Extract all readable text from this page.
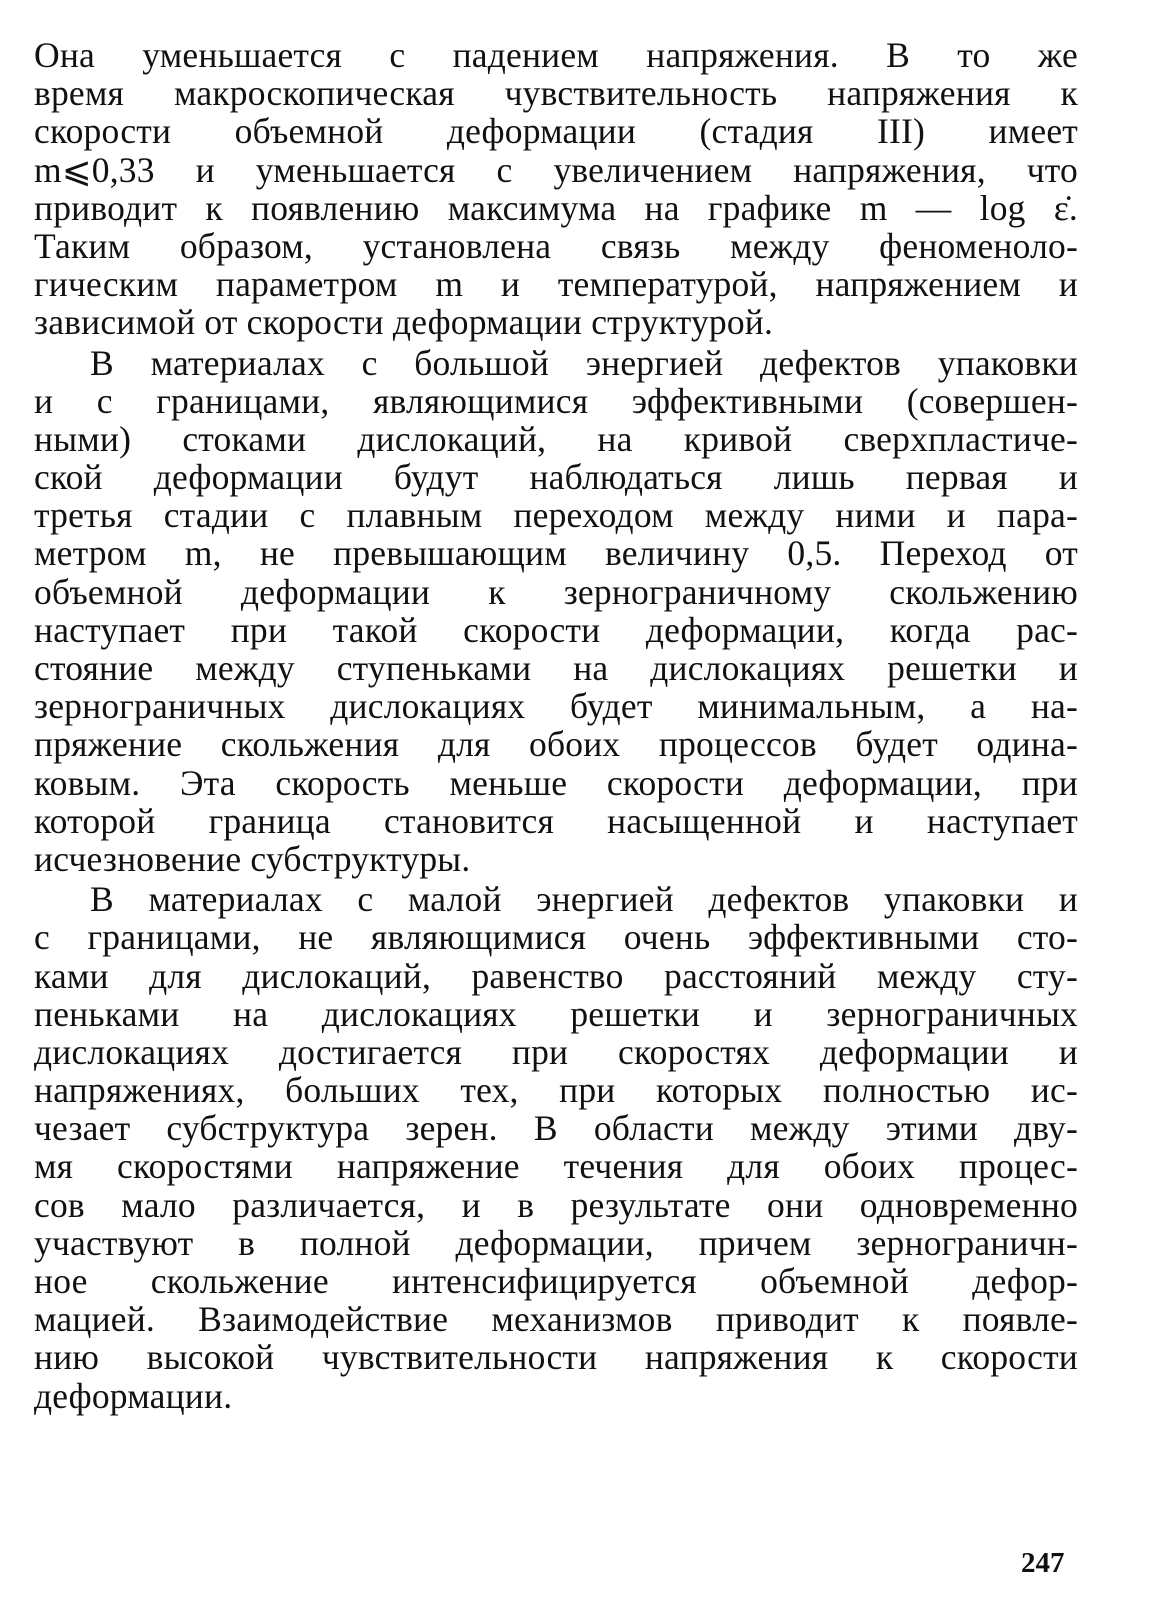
Она уменьшается с падением напряжения. В то же
время макроскопическая чувствительность напряжения к
скорости объемной деформации (стадия III) имеет
m⩽0,33 и уменьшается с увеличением напряжения, что
приводит к появлению максимума на графике m — log ε̇.
Таким образом, установлена связь между феноменоло-
гическим параметром m и температурой, напряжением и
зависимой от скорости деформации структурой.
В материалах с большой энергией дефектов упаковки
и с границами, являющимися эффективными (совершен-
ными) стоками дислокаций, на кривой сверхпластиче-
ской деформации будут наблюдаться лишь первая и
третья стадии с плавным переходом между ними и пара-
метром m, не превышающим величину 0,5. Переход от
объемной деформации к зернограничному скольжению
наступает при такой скорости деформации, когда рас-
стояние между ступеньками на дислокациях решетки и
зернограничных дислокациях будет минимальным, а на-
пряжение скольжения для обоих процессов будет одина-
ковым. Эта скорость меньше скорости деформации, при
которой граница становится насыщенной и наступает
исчезновение субструктуры.
В материалах с малой энергией дефектов упаковки и
с границами, не являющимися очень эффективными сто-
ками для дислокаций, равенство расстояний между сту-
пеньками на дислокациях решетки и зернограничных
дислокациях достигается при скоростях деформации и
напряжениях, больших тех, при которых полностью ис-
чезает субструктура зерен. В области между этими дву-
мя скоростями напряжение течения для обоих процес-
сов мало различается, и в результате они одновременно
участвуют в полной деформации, причем зернограничн-
ное скольжение интенсифицируется объемной дефор-
мацией. Взаимодействие механизмов приводит к появле-
нию высокой чувствительности напряжения к скорости
деформации.
247
